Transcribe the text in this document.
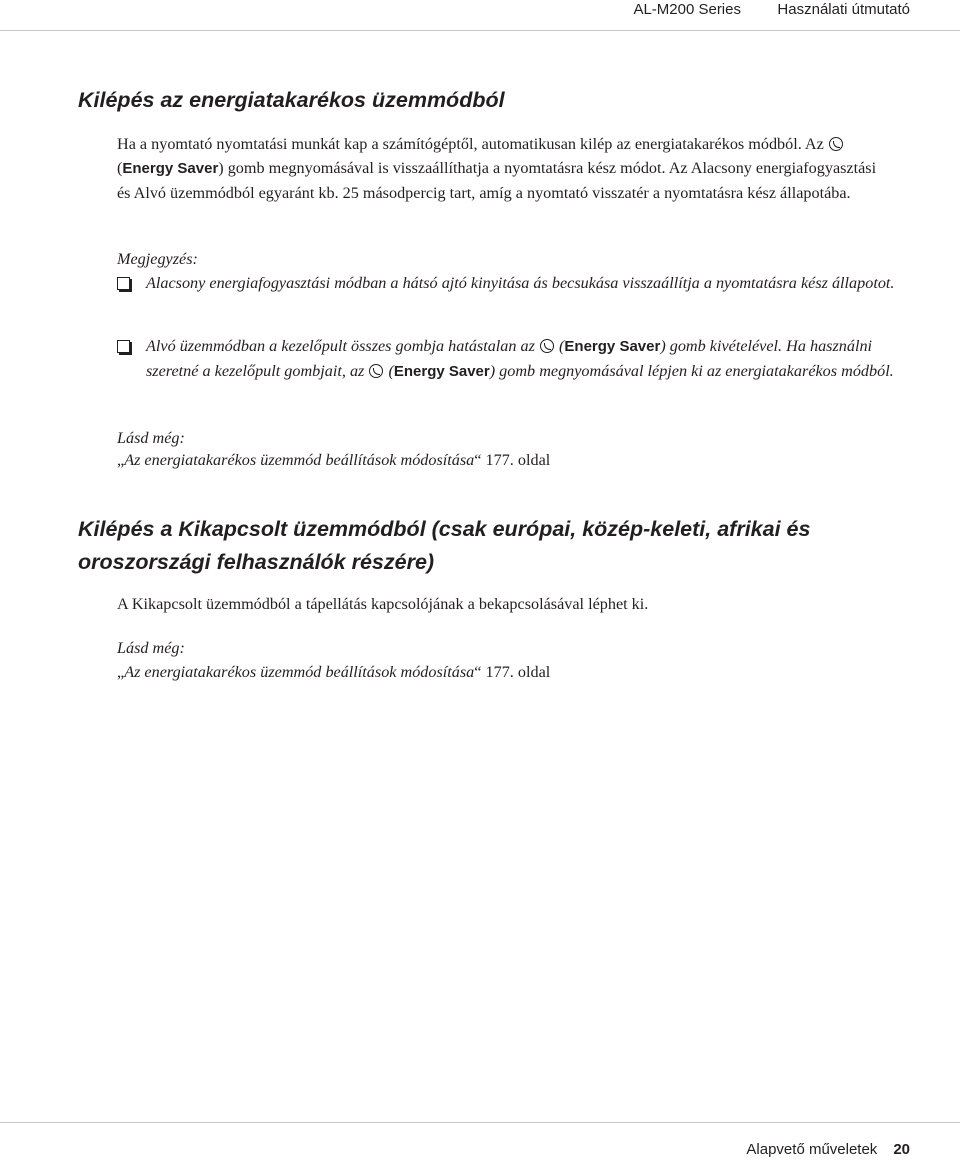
AL-M200 Series Használati útmutató
Kilépés az energiatakarékos üzemmódból

Ha a nyomtató nyomtatási munkát kap a számítógéptől, automatikusan kilép az energiatakarékos módból. Az  (Energy Saver) gomb megnyomásával is visszaállíthatja a nyomtatásra kész módot. Az Alacsony energiafogyasztási és Alvó üzemmódból egyaránt kb. 25 másodpercig tart, amíg a nyomtató visszatér a nyomtatásra kész állapotába.

Megjegyzés:

Alacsony energiafogyasztási módban a hátsó ajtó kinyitása ás becsukása visszaállítja a nyomtatásra kész állapotot.

Alvó üzemmódban a kezelőpult összes gombja hatástalan az  (Energy Saver) gomb kivételével. Ha használni szeretné a kezelőpult gombjait, az  (Energy Saver) gomb megnyomásával lépjen ki az energiatakarékos módból.

Lásd még:

„Az energiatakarékos üzemmód beállítások módosítása“ 177. oldal

Kilépés a Kikapcsolt üzemmódból (csak európai, közép-keleti, afrikai és oroszországi felhasználók részére)

A Kikapcsolt üzemmódból a tápellátás kapcsolójának a bekapcsolásával léphet ki.

Lásd még:

„Az energiatakarékos üzemmód beállítások módosítása“ 177. oldal

Alapvető műveletek 20
